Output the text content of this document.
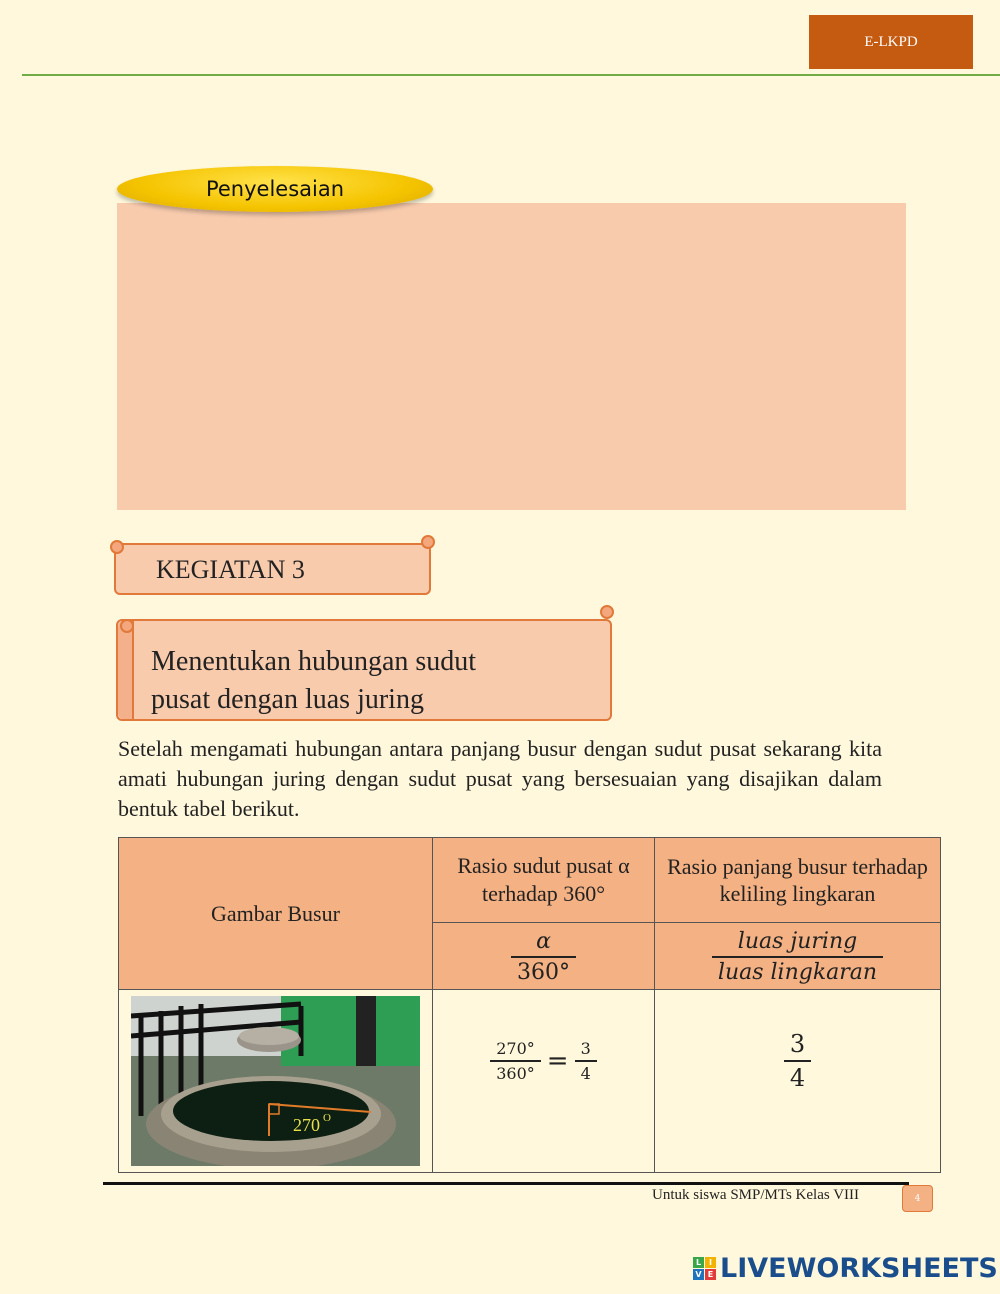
E-LKPD
Penyelesaian
KEGIATAN 3
Menentukan hubungan sudut
pusat dengan luas juring
Setelah mengamati hubungan antara panjang busur dengan sudut pusat sekarang kita amati hubungan juring dengan sudut pusat yang bersesuaian yang disajikan dalam bentuk tabel berikut.
Gambar Busur	Rasio sudut pusat α terhadap 360°	Rasio panjang busur terhadap keliling lingkaran

	$\frac{\alpha}{360^\circ}$	$\frac{\text{luas juring}}{\text{luas lingkaran}}$

270 O	$\frac{270^\circ}{360^\circ} = \frac{3}{4}$	$\frac{3}{4}$
Untuk siswa SMP/MTs Kelas VIII	4
L I
V E LIVEWORKSHEETS
